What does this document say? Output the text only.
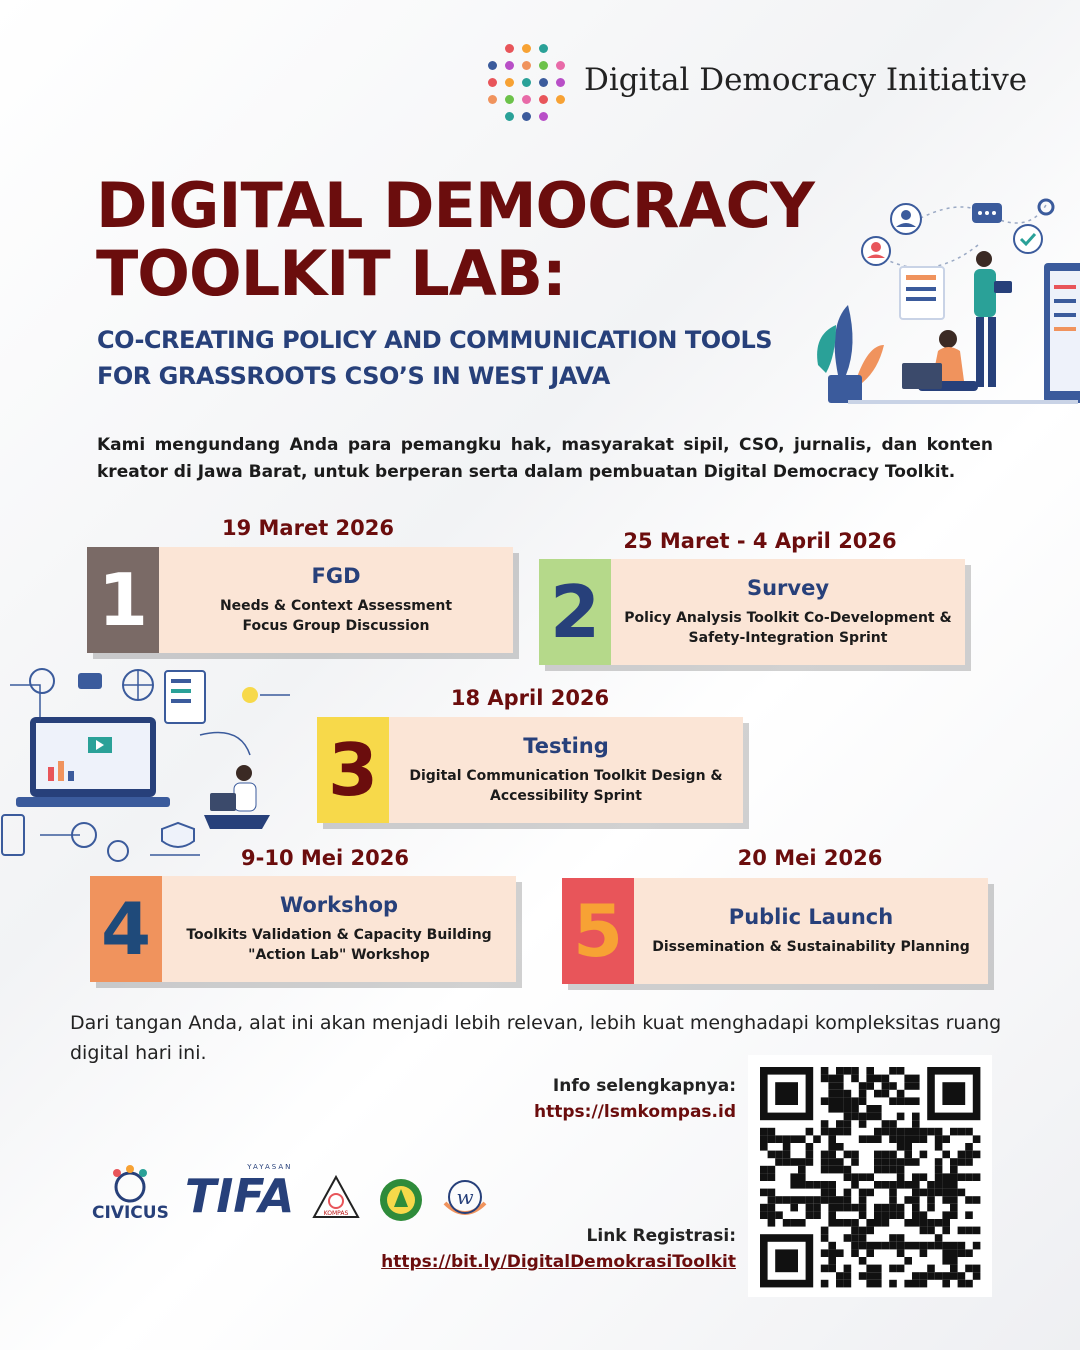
Digital Democracy Initiative
DIGITAL DEMOCRACY
TOOLKIT LAB:
CO-CREATING POLICY AND COMMUNICATION TOOLS
FOR GRASSROOTS CSO’S IN WEST JAVA
Kami mengundang Anda para pemangku hak, masyarakat sipil, CSO, jurnalis, dan konten kreator di Jawa Barat, untuk berperan serta dalam pembuatan Digital Democracy Toolkit.
19 Maret 2026
1	FGD
Needs & Context Assessment
Focus Group Discussion
25 Maret - 4 April 2026
2	Survey
Policy Analysis Toolkit Co-Development &
Safety-Integration Sprint
18 April 2026
3	Testing
Digital Communication Toolkit Design &
Accessibility Sprint
9-10 Mei 2026
4	Workshop
Toolkits Validation & Capacity Building
"Action Lab" Workshop
20 Mei 2026
5	Public Launch
Dissemination & Sustainability Planning
Dari tangan Anda, alat ini akan menjadi lebih relevan, lebih kuat menghadapi kompleksitas ruang digital hari ini.
Info selengkapnya:
https://lsmkompas.id
Link Registrasi:
https://bit.ly/DigitalDemokrasiToolkit
CIVICUS
YAYASAN
TIFA	KOMPAS
w
